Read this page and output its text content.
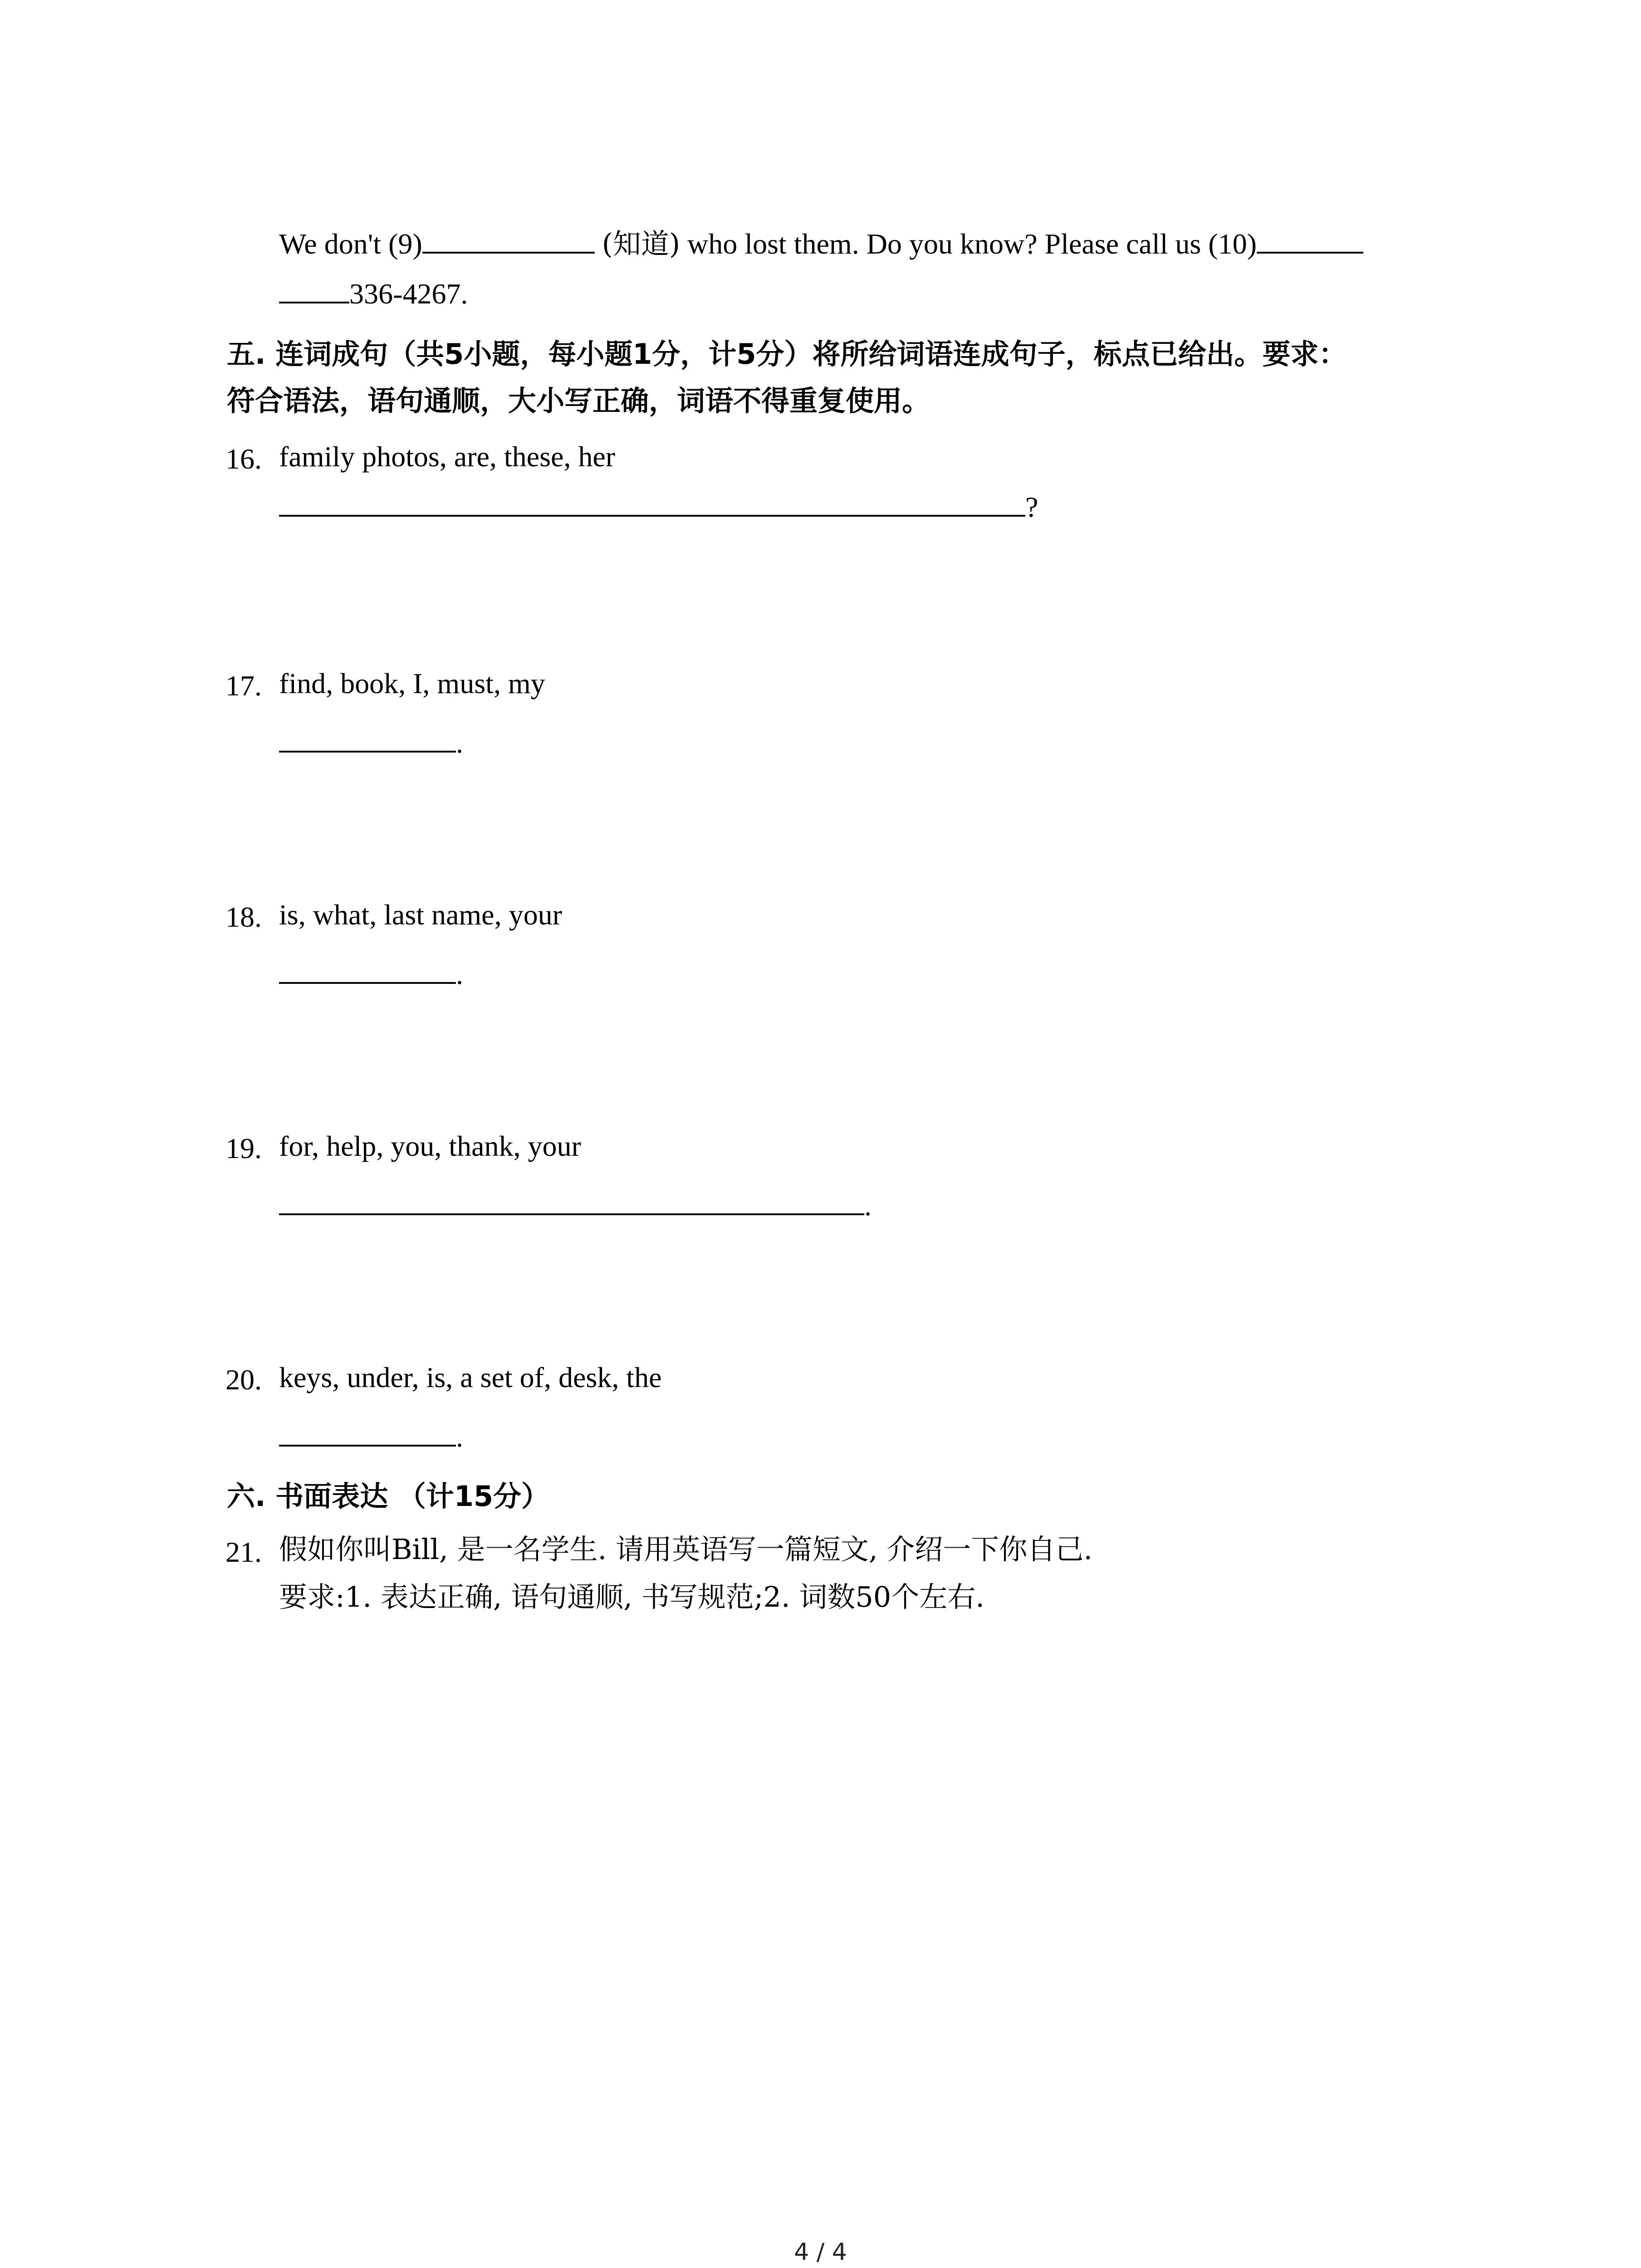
We don't (9)	(知道) who lost them. Do you know? Please call us (10)
336-4267.
五. 连词成句（共5小题，每小题1分，计5分）将所给词语连成句子，标点已给出。要求：
符合语法，语句通顺，大小写正确，词语不得重复使用。
16. family photos, are, these, her
?
17. find, book, I, must, my
.
18. is, what, last name, your
.
19. for, help, you, thank, your
.
20. keys, under, is, a set of, desk, the
.
六. 书面表达 （计15分）
21. 假如你叫Bill, 是一名学生. 请用英语写一篇短文, 介绍一下你自己.
要求:1. 表达正确, 语句通顺, 书写规范;2. 词数50个左右.
4 / 4
